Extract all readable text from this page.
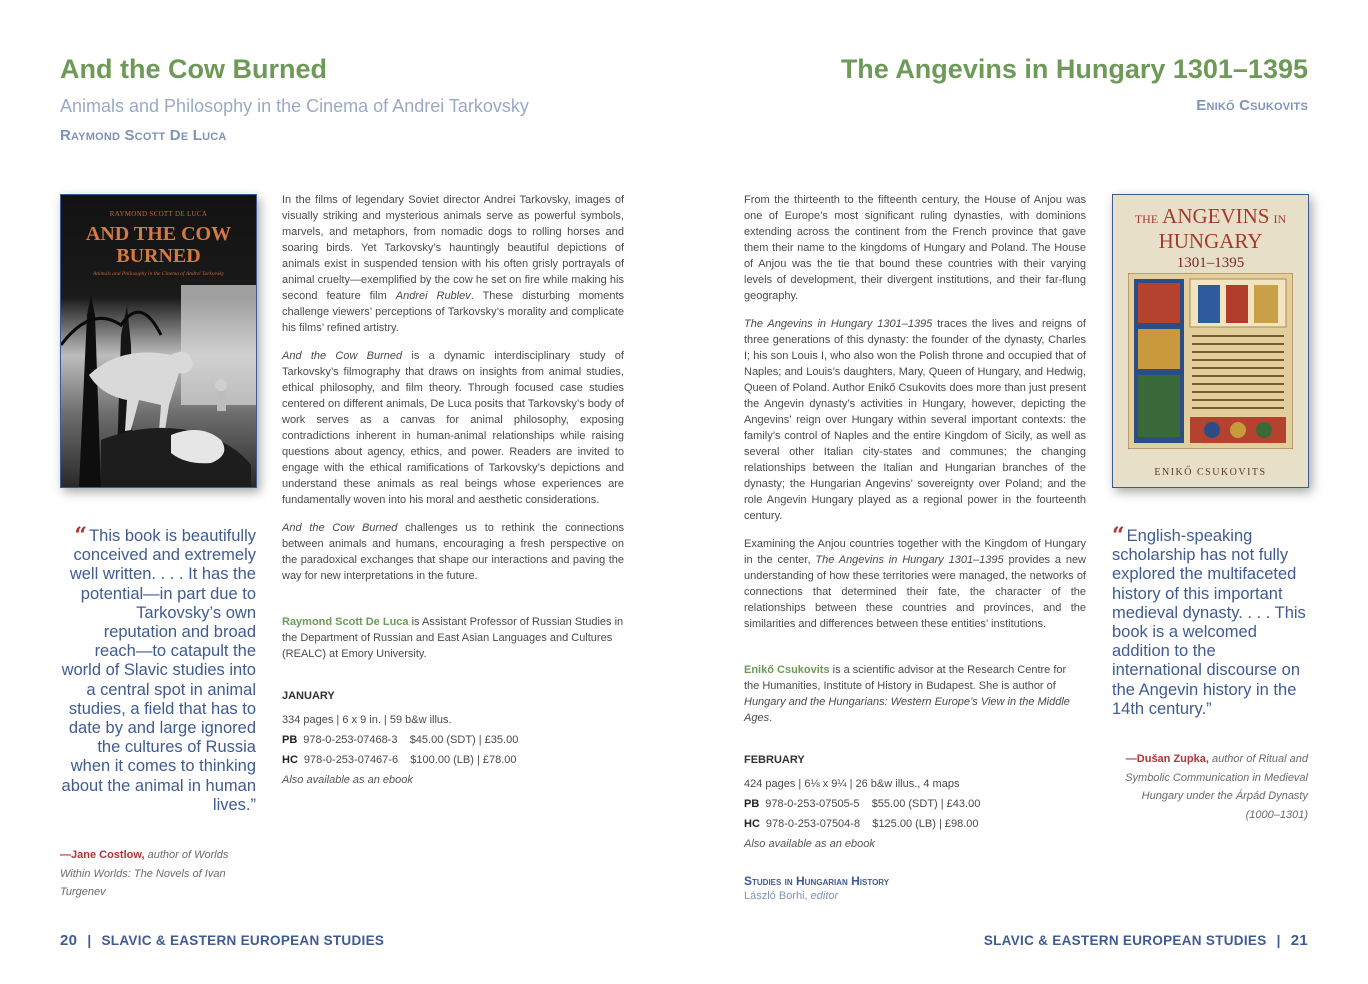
And the Cow Burned
Animals and Philosophy in the Cinema of Andrei Tarkovsky
Raymond Scott De Luca
RAYMOND SCOTT DE LUCA
AND THE COW
BURNED
Animals and Philosophy in the Cinema of Andrei Tarkovsky

In the films of legendary Soviet director Andrei Tarkovsky, images of visually striking and mysterious animals serve as powerful symbols, marvels, and metaphors, from nomadic dogs to rolling horses and soaring birds. Yet Tarkovsky’s hauntingly beautiful depictions of animals exist in suspended tension with his often grisly portrayals of animal cruelty—exemplified by the cow he set on fire while making his second feature film Andrei Rublev. These disturbing moments challenge viewers’ perceptions of Tarkovsky’s morality and complicate his films’ refined artistry.

And the Cow Burned is a dynamic interdisciplinary study of Tarkovsky’s filmography that draws on insights from animal studies, ethical philosophy, and film theory. Through focused case studies centered on different animals, De Luca posits that Tarkovsky’s body of work serves as a canvas for animal philosophy, exposing contradictions inherent in human-animal relationships while raising questions about agency, ethics, and power. Readers are invited to engage with the ethical ramifications of Tarkovsky’s depictions and understand these animals as real beings whose experiences are fundamentally woven into his moral and aesthetic considerations.

And the Cow Burned challenges us to rethink the connections between animals and humans, encouraging a fresh perspective on the paradoxical exchanges that shape our interactions and paving the way for new interpretations in the future.

Raymond Scott De Luca is Assistant Professor of Russian Studies in the Department of Russian and East Asian Languages and Cultures (REALC) at Emory University.

JANUARY

334 pages | 6 x 9 in. | 59 b&w illus.

PB 978-0-253-07468-3    $45.00 (SDT) | £35.00

HC 978-0-253-07467-6    $100.00 (LB) | £78.00

Also available as an ebook
“ This book is beautifully conceived and extremely well written. . . . It has the potential—in part due to Tarkovsky’s own reputation and broad reach—to catapult the world of Slavic studies into a central spot in animal studies, a field that has to date by and large ignored the cultures of Russia when it comes to thinking about the animal in human lives.”
—Jane Costlow, author of Worlds Within Worlds: The Novels of Ivan Turgenev
20 | SLAVIC & EASTERN EUROPEAN STUDIES
The Angevins in Hungary 1301–1395
Enikő Csukovits

From the thirteenth to the fifteenth century, the House of Anjou was one of Europe’s most significant ruling dynasties, with dominions extending across the continent from the French province that gave them their name to the kingdoms of Hungary and Poland. The House of Anjou was the tie that bound these countries with their varying levels of development, their divergent institutions, and their far-flung geography.

The Angevins in Hungary 1301–1395 traces the lives and reigns of three generations of this dynasty: the founder of the dynasty, Charles I; his son Louis I, who also won the Polish throne and occupied that of Naples; and Louis’s daughters, Mary, Queen of Hungary, and Hedwig, Queen of Poland. Author Enikő Csukovits does more than just present the Angevin dynasty’s activities in Hungary, however, depicting the Angevins’ reign over Hungary within several important contexts: the family’s control of Naples and the entire Kingdom of Sicily, as well as several other Italian city-states and communes; the changing relationships between the Italian and Hungarian branches of the dynasty; the Hungarian Angevins’ sovereignty over Poland; and the role Angevin Hungary played as a regional power in the fourteenth century.

Examining the Anjou countries together with the Kingdom of Hungary in the center, The Angevins in Hungary 1301–1395 provides a new understanding of how these territories were managed, the networks of connections that determined their fate, the character of the relationships between these countries and provinces, and the similarities and differences between these entities’ institutions.

Enikő Csukovits is a scientific advisor at the Research Centre for the Humanities, Institute of History in Budapest. She is author of Hungary and the Hungarians: Western Europe’s View in the Middle Ages.

FEBRUARY

424 pages | 6⅛ x 9¼ | 26 b&w illus., 4 maps

PB 978-0-253-07505-5    $55.00 (SDT) | £43.00

HC 978-0-253-07504-8    $125.00 (LB) | £98.00

Also available as an ebook
Studies in Hungarian History
László Borhi, editor
THE ANGEVINS IN
HUNGARY
1301–1395
ENIKŐ CSUKOVITS
“ English-speaking scholarship has not fully explored the multifaceted history of this important medieval dynasty. . . . This book is a welcomed addition to the international discourse on the Angevin history in the 14th century.”
—Dušan Zupka, author of Ritual and Symbolic Communication in Medieval Hungary under the Árpád Dynasty (1000–1301)
SLAVIC & EASTERN EUROPEAN STUDIES | 21
